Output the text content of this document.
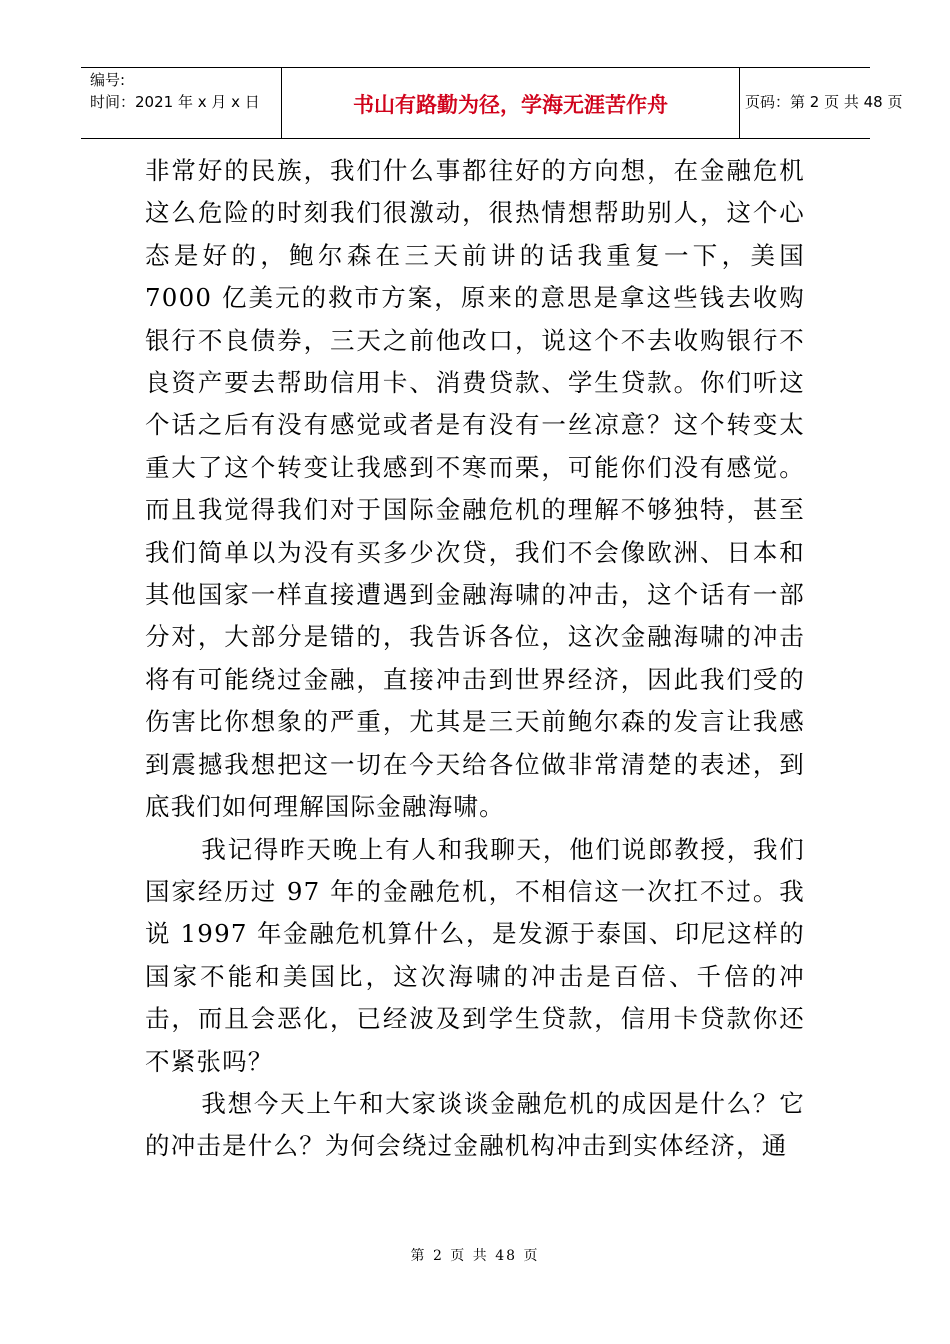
编号:
时间：2021 年 x 月 x 日	书山有路勤为径，学海无涯苦作舟	页码：第 2 页 共 48 页

非常好的民族，我们什么事都往好的方向想，在金融危机这么危险的时刻我们很激动，很热情想帮助别人，这个心态是好的，鲍尔森在三天前讲的话我重复一下，美国 7000 亿美元的救市方案，原来的意思是拿这些钱去收购银行不良债券，三天之前他改口，说这个不去收购银行不良资产要去帮助信用卡、消费贷款、学生贷款。你们听这个话之后有没有感觉或者是有没有一丝凉意？这个转变太重大了这个转变让我感到不寒而栗，可能你们没有感觉。而且我觉得我们对于国际金融危机的理解不够独特，甚至我们简单以为没有买多少次贷，我们不会像欧洲、日本和其他国家一样直接遭遇到金融海啸的冲击，这个话有一部分对，大部分是错的，我告诉各位，这次金融海啸的冲击将有可能绕过金融，直接冲击到世界经济，因此我们受的伤害比你想象的严重，尤其是三天前鲍尔森的发言让我感到震撼我想把这一切在今天给各位做非常清楚的表述，到底我们如何理解国际金融海啸。

我记得昨天晚上有人和我聊天，他们说郎教授，我们国家经历过 97 年的金融危机，不相信这一次扛不过。我说 1997 年金融危机算什么，是发源于泰国、印尼这样的国家不能和美国比，这次海啸的冲击是百倍、千倍的冲击，而且会恶化，已经波及到学生贷款，信用卡贷款你还不紧张吗？

我想今天上午和大家谈谈金融危机的成因是什么？它的冲击是什么？为何会绕过金融机构冲击到实体经济，通

第 2 页 共 48 页
